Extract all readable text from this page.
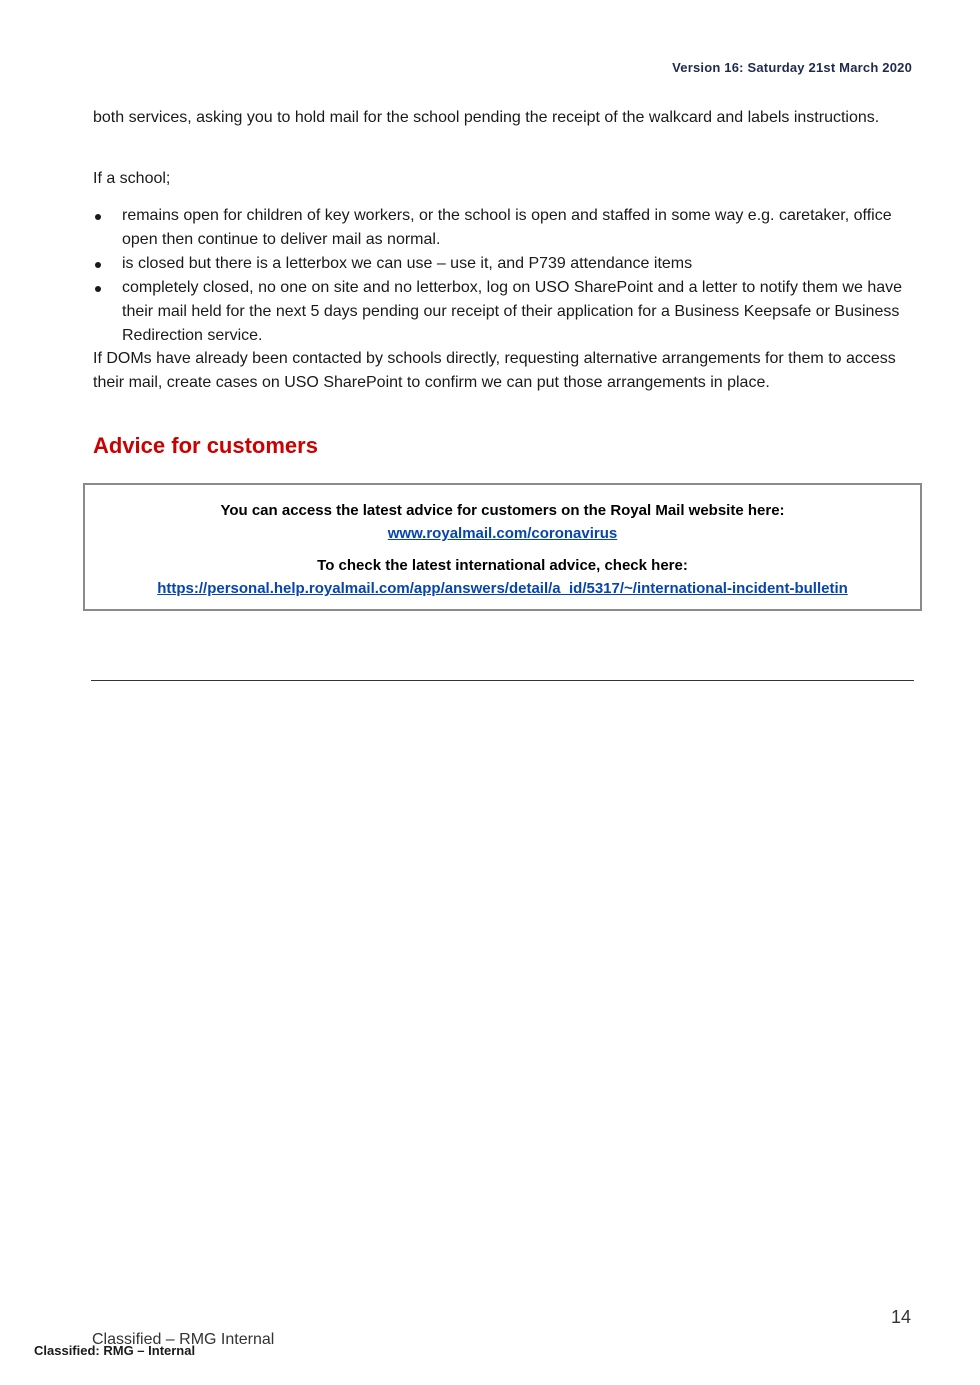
Version 16: Saturday 21st March 2020
both services, asking you to hold mail for the school pending the receipt of the walkcard and labels instructions.
If a school;
remains open for children of key workers, or the school is open and staffed in some way e.g. caretaker, office open then continue to deliver mail as normal.
is closed but there is a letterbox we can use – use it, and P739 attendance items
completely closed, no one on site and no letterbox, log on USO SharePoint and a letter to notify them we have their mail held for the next 5 days pending our receipt of their application for a Business Keepsafe or Business Redirection service.
If DOMs have already been contacted by schools directly, requesting alternative arrangements for them to access their mail, create cases on USO SharePoint to confirm we can put those arrangements in place.
Advice for customers
You can access the latest advice for customers on the Royal Mail website here:
www.royalmail.com/coronavirus
To check the latest international advice, check here:
https://personal.help.royalmail.com/app/answers/detail/a_id/5317/~/international-incident-bulletin
14
Classified – RMG Internal
Classified: RMG – Internal
